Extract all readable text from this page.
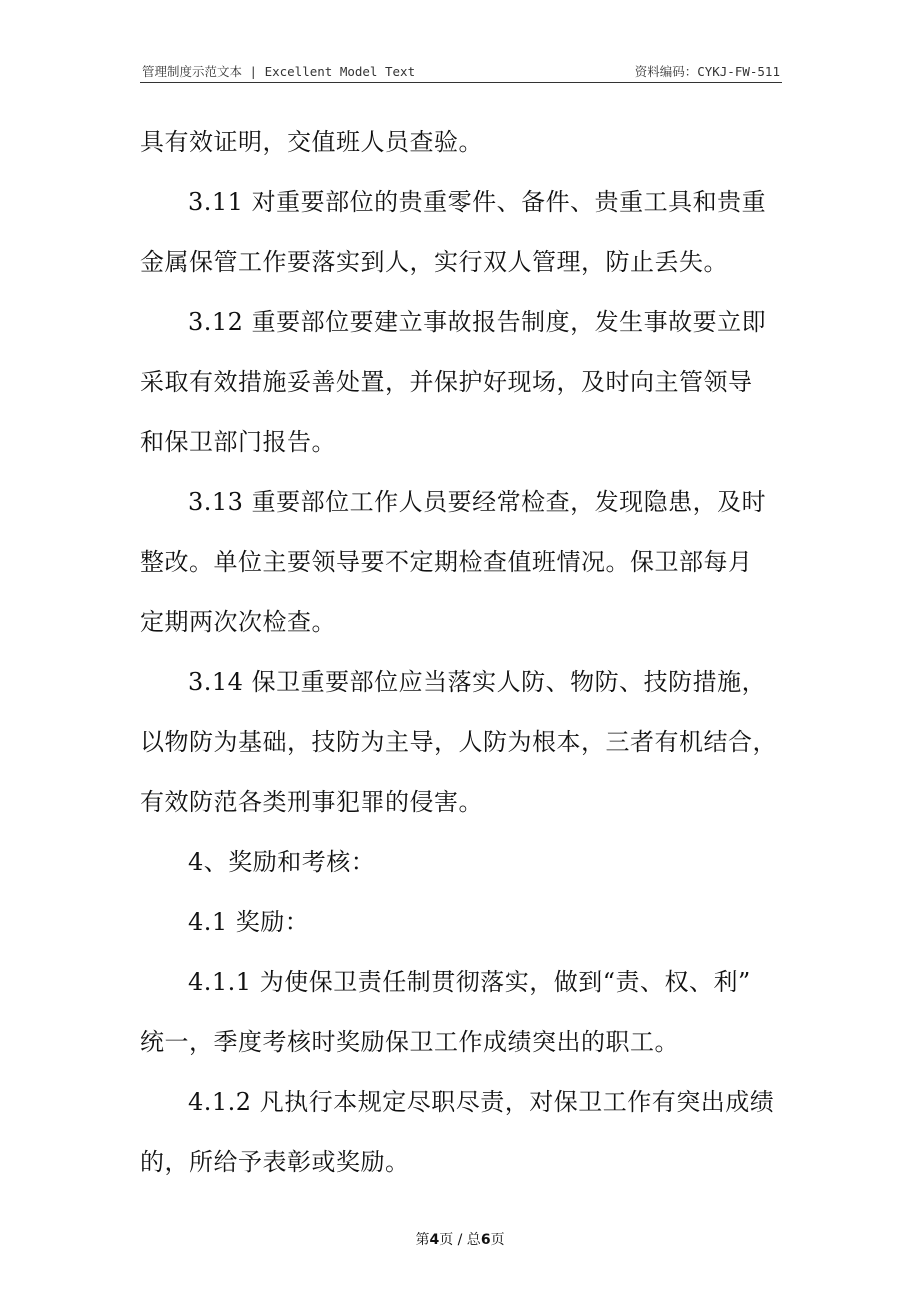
管理制度示范文本 | Excellent Model Text	资料编码：CYKJ-FW-511
具有效证明，交值班人员查验。
3.11 对重要部位的贵重零件、备件、贵重工具和贵重
金属保管工作要落实到人，实行双人管理，防止丢失。
3.12 重要部位要建立事故报告制度，发生事故要立即
采取有效措施妥善处置，并保护好现场，及时向主管领导
和保卫部门报告。
3.13 重要部位工作人员要经常检查，发现隐患，及时
整改。单位主要领导要不定期检查值班情况。保卫部每月
定期两次次检查。
3.14 保卫重要部位应当落实人防、物防、技防措施，
以物防为基础，技防为主导，人防为根本，三者有机结合，
有效防范各类刑事犯罪的侵害。
4、奖励和考核：
4.1 奖励：
4.1.1 为使保卫责任制贯彻落实，做到“责、权、利”
统一，季度考核时奖励保卫工作成绩突出的职工。
4.1.2 凡执行本规定尽职尽责，对保卫工作有突出成绩
的，所给予表彰或奖励。
第4页 / 总6页
